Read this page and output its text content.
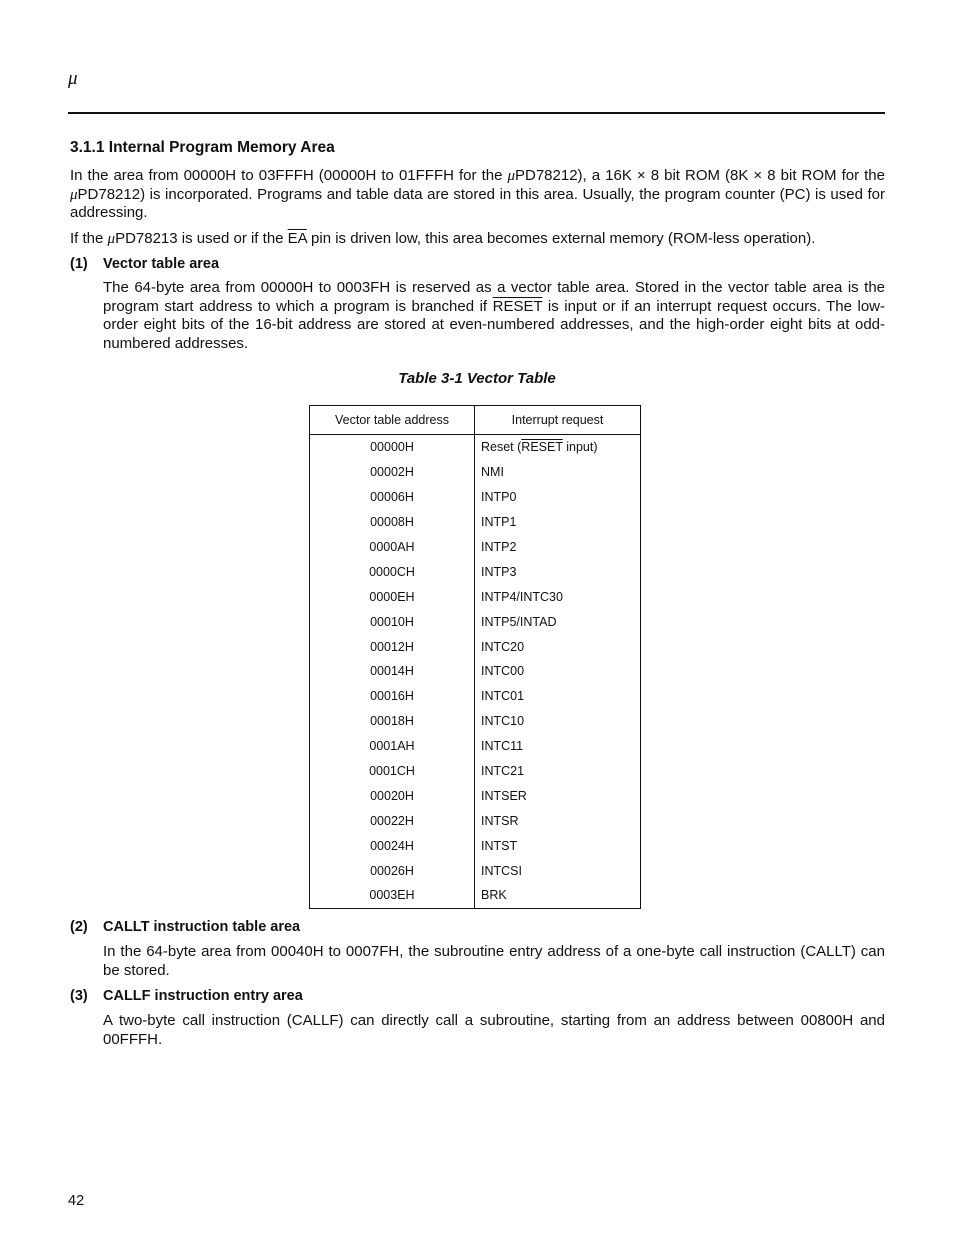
μ
3.1.1 Internal Program Memory Area

In the area from 00000H to 03FFFH (00000H to 01FFFH for the μPD78212), a 16K × 8 bit ROM (8K × 8 bit ROM for the μPD78212) is incorporated. Programs and table data are stored in this area. Usually, the program counter (PC) is used for addressing.

If the μPD78213 is used or if the $\overline{EA}$ pin is driven low, this area becomes external memory (ROM-less operation).

(1) Vector table area

The 64-byte area from 00000H to 0003FH is reserved as a vector table area. Stored in the vector table area is the program start address to which a program is branched if RESET is input or if an interrupt request occurs. The low-order eight bits of the 16-bit address are stored at even-numbered addresses, and the high-order eight bits at odd-numbered addresses.

Table 3-1 Vector Table

Vector table address	Interrupt request
00000H	Reset (RESET input)
00002H	NMI
00006H	INTP0
00008H	INTP1
0000AH	INTP2
0000CH	INTP3
0000EH	INTP4/INTC30
00010H	INTP5/INTAD
00012H	INTC20
00014H	INTC00
00016H	INTC01
00018H	INTC10
0001AH	INTC11
0001CH	INTC21
00020H	INTSER
00022H	INTSR
00024H	INTST
00026H	INTCSI
0003EH	BRK
(2) CALLT instruction table area

In the 64-byte area from 00040H to 0007FH, the subroutine entry address of a one-byte call instruction (CALLT) can be stored.

(3) CALLF instruction entry area

A two-byte call instruction (CALLF) can directly call a subroutine, starting from an address between 00800H and 00FFFH.

42
